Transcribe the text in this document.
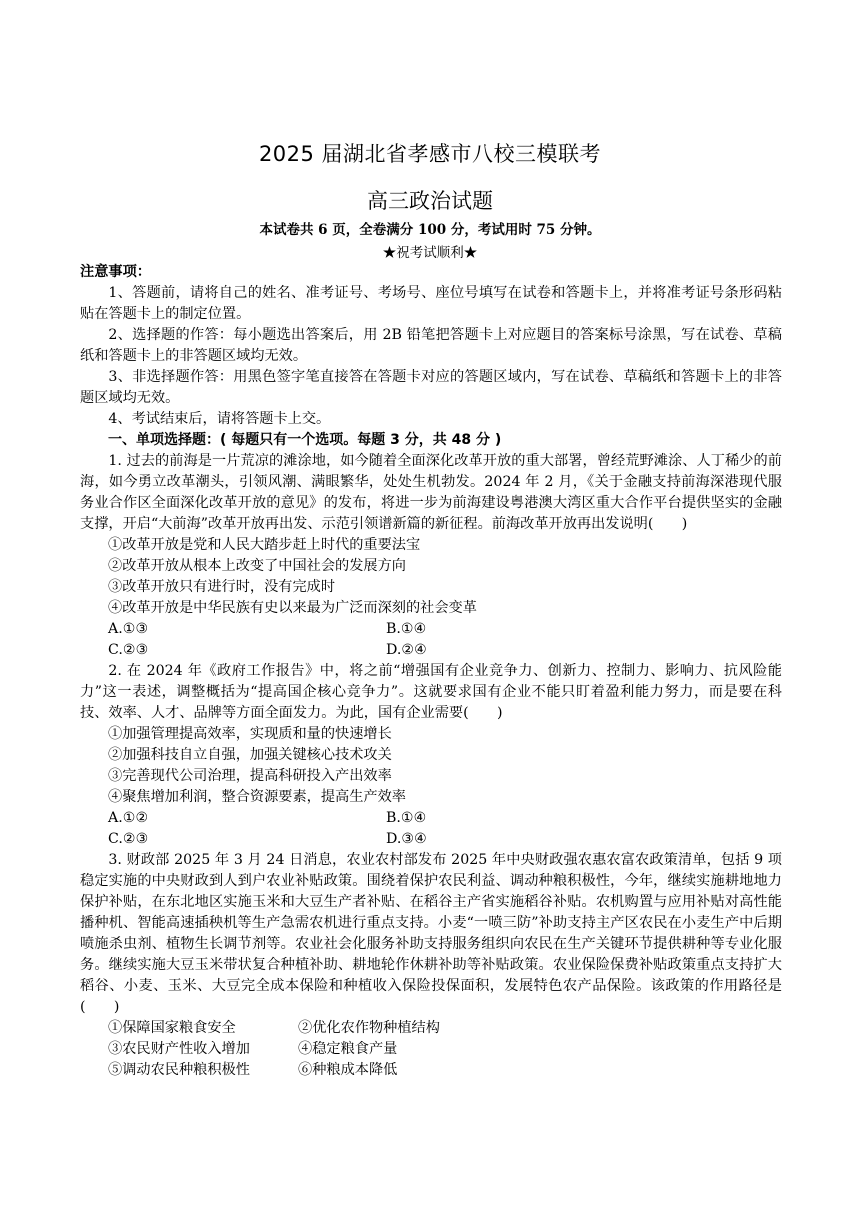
2025 届湖北省孝感市八校三模联考
高三政治试题
本试卷共 6 页，全卷满分 100 分，考试用时 75 分钟。
★祝考试顺利★
注意事项：

1、答题前，请将自己的姓名、准考证号、考场号、座位号填写在试卷和答题卡上，并将准考证号条形码粘贴在答题卡上的制定位置。

2、选择题的作答：每小题选出答案后，用 2B 铅笔把答题卡上对应题目的答案标号涂黑，写在试卷、草稿纸和答题卡上的非答题区域均无效。

3、非选择题作答：用黑色签字笔直接答在答题卡对应的答题区域内，写在试卷、草稿纸和答题卡上的非答题区域均无效。

4、考试结束后，请将答题卡上交。

一、单项选择题：( 每题只有一个选项。每题 3 分，共 48 分 )

1. 过去的前海是一片荒凉的滩涂地，如今随着全面深化改革开放的重大部署，曾经荒野滩涂、人丁稀少的前海，如今勇立改革潮头，引领风潮、满眼繁华，处处生机勃发。2024 年 2 月，《关于金融支持前海深港现代服务业合作区全面深化改革开放的意见》的发布，将进一步为前海建设粤港澳大湾区重大合作平台提供坚实的金融支撑，开启“大前海”改革开放再出发、示范引领谱新篇的新征程。前海改革开放再出发说明(　　)

①改革开放是党和人民大踏步赶上时代的重要法宝

②改革开放从根本上改变了中国社会的发展方向

③改革开放只有进行时，没有完成时

④改革开放是中华民族有史以来最为广泛而深刻的社会变革

A.①③	B.①④
C.②③	D.②④

2. 在 2024 年《政府工作报告》中，将之前“增强国有企业竞争力、创新力、控制力、影响力、抗风险能力”这一表述，调整概括为“提高国企核心竞争力”。这就要求国有企业不能只盯着盈利能力努力，而是要在科技、效率、人才、品牌等方面全面发力。为此，国有企业需要(　　)

①加强管理提高效率，实现质和量的快速增长

②加强科技自立自强，加强关键核心技术攻关

③完善现代公司治理，提高科研投入产出效率

④聚焦增加利润，整合资源要素，提高生产效率

A.①②	B.①④
C.②③	D.③④

3. 财政部 2025 年 3 月 24 日消息，农业农村部发布 2025 年中央财政强农惠农富农政策清单，包括 9 项稳定实施的中央财政到人到户农业补贴政策。围绕着保护农民利益、调动种粮积极性，今年，继续实施耕地地力保护补贴，在东北地区实施玉米和大豆生产者补贴、在稻谷主产省实施稻谷补贴。农机购置与应用补贴对高性能播种机、智能高速插秧机等生产急需农机进行重点支持。小麦“一喷三防”补助支持主产区农民在小麦生产中后期喷施杀虫剂、植物生长调节剂等。农业社会化服务补助支持服务组织向农民在生产关键环节提供耕种等专业化服务。继续实施大豆玉米带状复合种植补助、耕地轮作休耕补助等补贴政策。农业保险保费补贴政策重点支持扩大稻谷、小麦、玉米、大豆完全成本保险和种植收入保险投保面积，发展特色农产品保险。该政策的作用路径是(　　)

①保障国家粮食安全	②优化农作物种植结构
③农民财产性收入增加	④稳定粮食产量
⑤调动农民种粮积极性	⑥种粮成本降低
